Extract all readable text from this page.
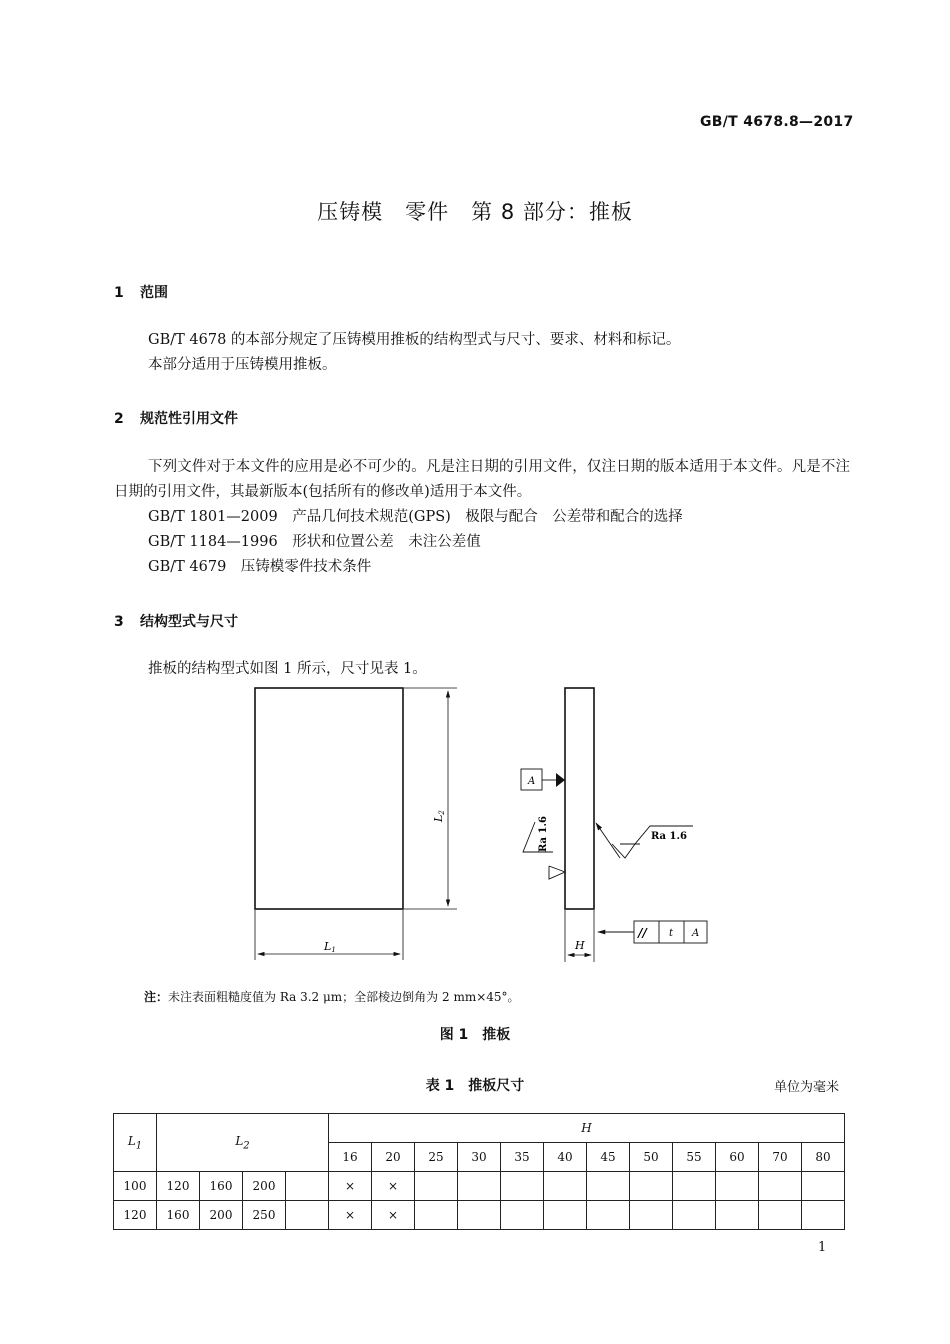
GB/T 4678.8—2017
压铸模　零件　第 8 部分：推板
1 范围
GB/T 4678 的本部分规定了压铸模用推板的结构型式与尺寸、要求、材料和标记。
本部分适用于压铸模用推板。
2 规范性引用文件
下列文件对于本文件的应用是必不可少的。凡是注日期的引用文件，仅注日期的版本适用于本文件。凡是不注日期的引用文件，其最新版本(包括所有的修改单)适用于本文件。
GB/T 1801—2009　产品几何技术规范(GPS)　极限与配合　公差带和配合的选择
GB/T 1184—1996　形状和位置公差　未注公差值
GB/T 4679　压铸模零件技术条件
3 结构型式与尺寸
推板的结构型式如图 1 所示，尺寸见表 1。
L1
L2
H
A
Ra 1.6	Ra 1.6
// t A
注：未注表面粗糙度值为 Ra 3.2 μm；全部棱边倒角为 2 mm×45°。
图 1　推板
表 1　推板尺寸	单位为毫米
$L_1$	$L_2$				H											
					16	20	25	30	35	40	45	50	55	60	70	80
100	120	160	200		×	×										
120	160	200	250		×	×										
1
